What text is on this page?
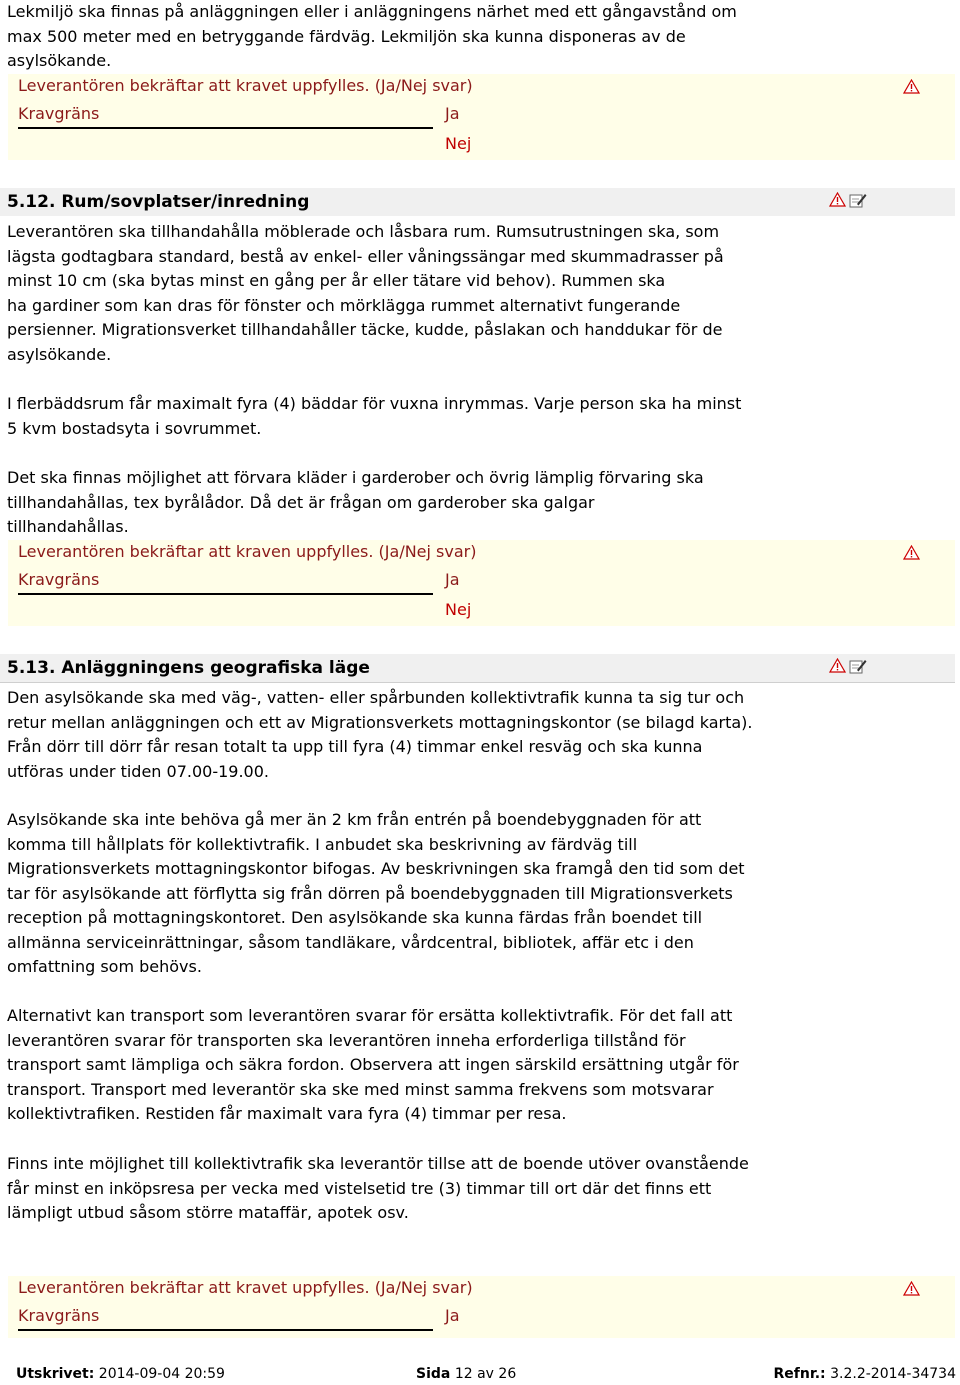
Lekmiljö ska finnas på anläggningen eller i anläggningens närhet med ett gångavstånd om
max 500 meter med en betryggande färdväg. Lekmiljön ska kunna disponeras av de
asylsökande.
Leverantören bekräftar att kravet uppfylles. (Ja/Nej svar)
Kravgräns	Ja
Nej
5.12. Rum/sovplatser/inredning
Leverantören ska tillhandahålla möblerade och låsbara rum. Rumsutrustningen ska, som
lägsta godtagbara standard, bestå av enkel- eller våningssängar med skummadrasser på
minst 10 cm (ska bytas minst en gång per år eller tätare vid behov). Rummen ska
ha gardiner som kan dras för fönster och mörklägga rummet alternativt fungerande
persienner. Migrationsverket tillhandahåller täcke, kudde, påslakan och handdukar för de
asylsökande.
I flerbäddsrum får maximalt fyra (4) bäddar för vuxna inrymmas. Varje person ska ha minst
5 kvm bostadsyta i sovrummet.
Det ska finnas möjlighet att förvara kläder i garderober och övrig lämplig förvaring ska
tillhandahållas, tex byrålådor. Då det är frågan om garderober ska galgar
tillhandahållas.
Leverantören bekräftar att kraven uppfylles. (Ja/Nej svar)
Kravgräns	Ja
Nej
5.13. Anläggningens geografiska läge
Den asylsökande ska med väg-, vatten- eller spårbunden kollektivtrafik kunna ta sig tur och
retur mellan anläggningen och ett av Migrationsverkets mottagningskontor (se bilagd karta).
Från dörr till dörr får resan totalt ta upp till fyra (4) timmar enkel resväg och ska kunna
utföras under tiden 07.00-19.00.
Asylsökande ska inte behöva gå mer än 2 km från entrén på boendebyggnaden för att
komma till hållplats för kollektivtrafik. I anbudet ska beskrivning av färdväg till
Migrationsverkets mottagningskontor bifogas. Av beskrivningen ska framgå den tid som det
tar för asylsökande att förflytta sig från dörren på boendebyggnaden till Migrationsverkets
reception på mottagningskontoret. Den asylsökande ska kunna färdas från boendet till
allmänna serviceinrättningar, såsom tandläkare, vårdcentral, bibliotek, affär etc i den
omfattning som behövs.
Alternativt kan transport som leverantören svarar för ersätta kollektivtrafik. För det fall att
leverantören svarar för transporten ska leverantören inneha erforderliga tillstånd för
transport samt lämpliga och säkra fordon. Observera att ingen särskild ersättning utgår för
transport. Transport med leverantör ska ske med minst samma frekvens som motsvarar
kollektivtrafiken. Restiden får maximalt vara fyra (4) timmar per resa.
Finns inte möjlighet till kollektivtrafik ska leverantör tillse att de boende utöver ovanstående
får minst en inköpsresa per vecka med vistelsetid tre (3) timmar till ort där det finns ett
lämpligt utbud såsom större mataffär, apotek osv.
Leverantören bekräftar att kravet uppfylles. (Ja/Nej svar)
Kravgräns	Ja
Utskrivet: 2014-09-04 20:59	Sida 12 av 26	Refnr.: 3.2.2-2014-34734
